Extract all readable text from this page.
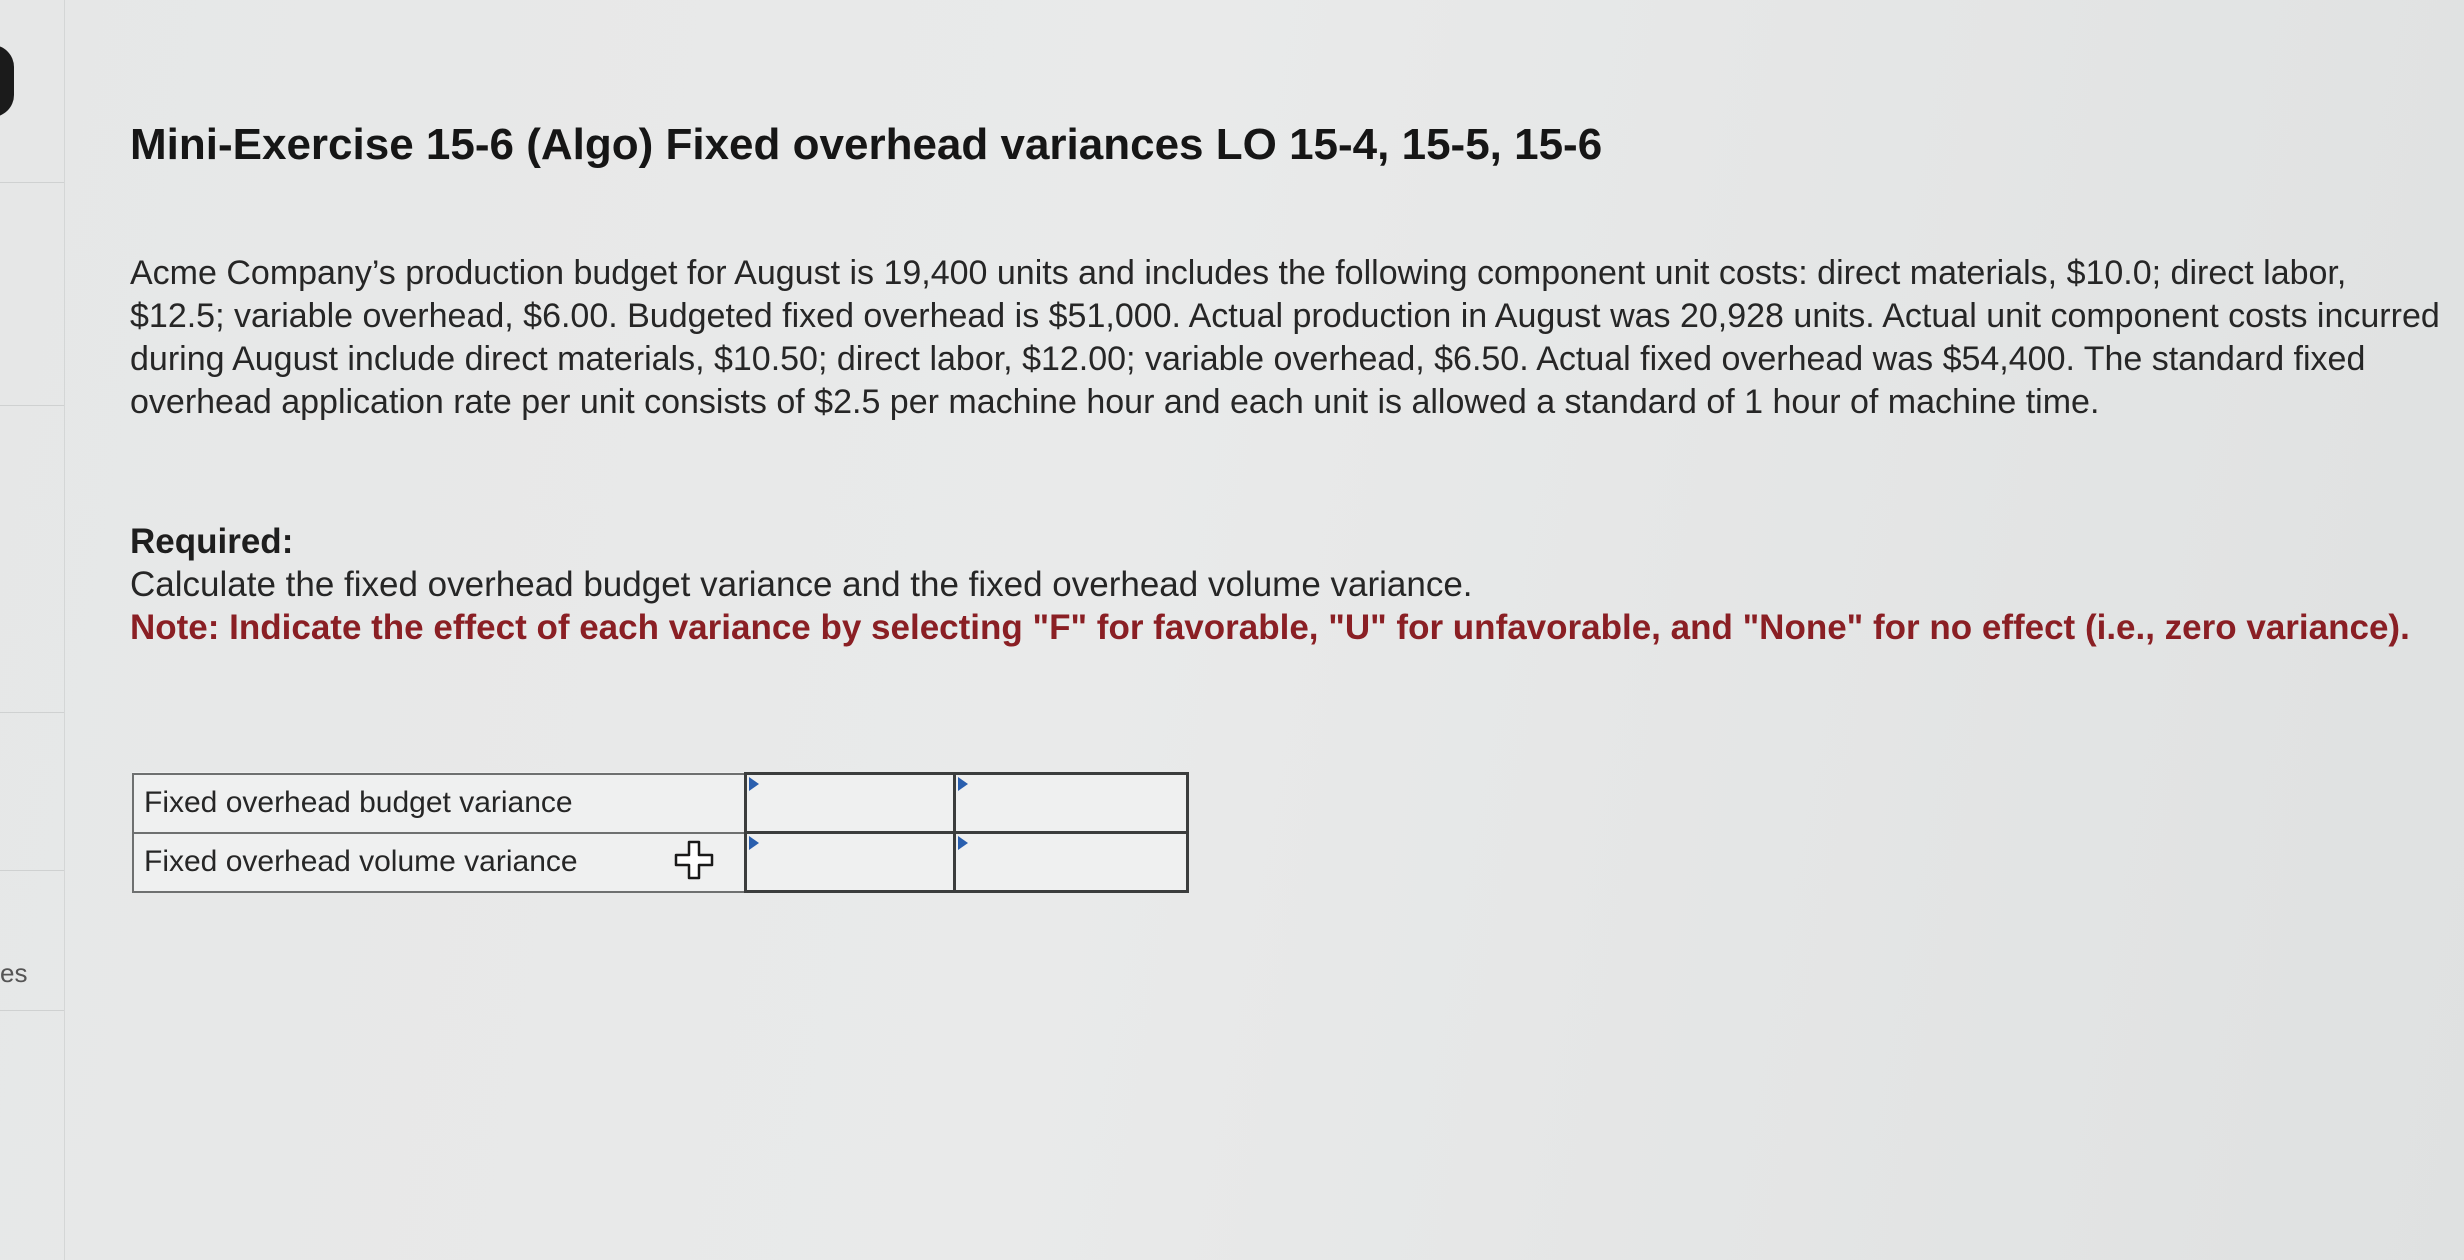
es
Mini-Exercise 15-6 (Algo) Fixed overhead variances LO 15-4, 15-5, 15-6

Acme Company’s production budget for August is 19,400 units and includes the following component unit costs: direct materials, $10.0; direct labor, $12.5; variable overhead, $6.00. Budgeted fixed overhead is $51,000. Actual production in August was 20,928 units. Actual unit component costs incurred during August include direct materials, $10.50; direct labor, $12.00; variable overhead, $6.50. Actual fixed overhead was $54,400. The standard fixed overhead application rate per unit consists of $2.5 per machine hour and each unit is allowed a standard of 1 hour of machine time.

Required:
Calculate the fixed overhead budget variance and the fixed overhead volume variance.
Note: Indicate the effect of each variance by selecting "F" for favorable, "U" for unfavorable, and "None" for no effect (i.e., zero variance).
Fixed overhead budget variance	

Fixed overhead volume variance	
